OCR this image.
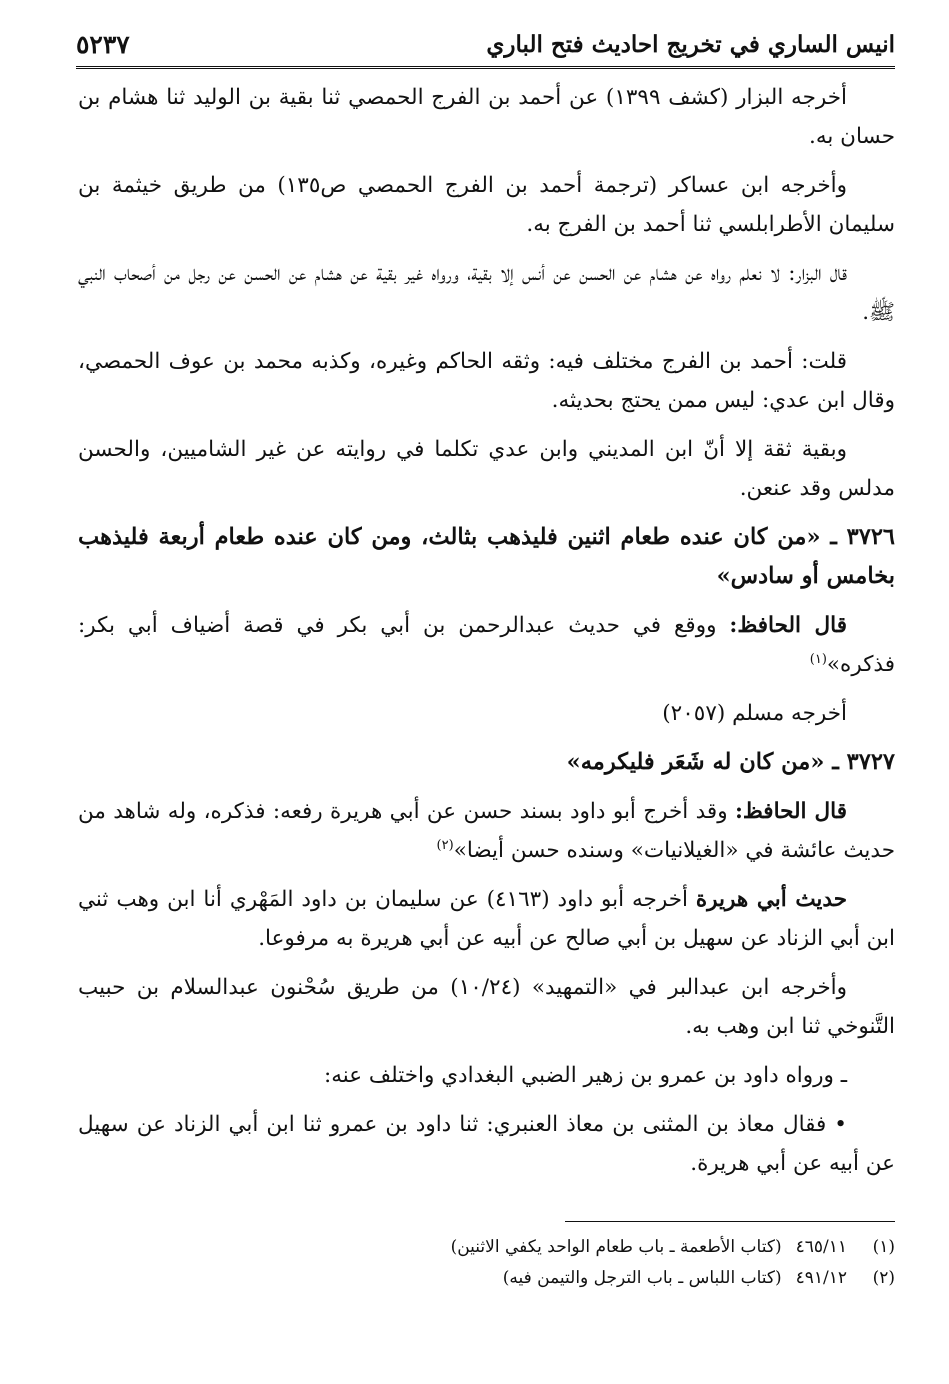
انيس الساري في تخريج احاديث فتح الباري
٥٢٣٧

أخرجه البزار (كشف ١٣٩٩) عن أحمد بن الفرج الحمصي ثنا بقية بن الوليد ثنا هشام بن حسان به.

وأخرجه ابن عساكر (ترجمة أحمد بن الفرج الحمصي ص١٣٥) من طريق خيثمة بن سليمان الأطرابلسي ثنا أحمد بن الفرج به.

قال البزار: لا نعلم رواه عن هشام عن الحسن عن أنس إلا بقية، ورواه غير بقية عن هشام عن الحسن عن رجل من أصحاب النبي ﷺ.

قلت: أحمد بن الفرج مختلف فيه: وثقه الحاكم وغيره، وكذبه محمد بن عوف الحمصي، وقال ابن عدي: ليس ممن يحتج بحديثه.

وبقية ثقة إلا أنّ ابن المديني وابن عدي تكلما في روايته عن غير الشاميين، والحسن مدلس وقد عنعن.

٣٧٢٦ ـ «من كان عنده طعام اثنين فليذهب بثالث، ومن كان عنده طعام أربعة فليذهب بخامس أو سادس»

قال الحافظ: ووقع في حديث عبدالرحمن بن أبي بكر في قصة أضياف أبي بكر: فذكره»$^{(١)}$

أخرجه مسلم (٢٠٥٧)

٣٧٢٧ ـ «من كان له شَعَر فليكرمه»

قال الحافظ: وقد أخرج أبو داود بسند حسن عن أبي هريرة رفعه: فذكره، وله شاهد من حديث عائشة في «الغيلانيات» وسنده حسن أيضا»$^{(٢)}$

حديث أبي هريرة أخرجه أبو داود (٤١٦٣) عن سليمان بن داود المَهْري أنا ابن وهب ثني ابن أبي الزناد عن سهيل بن أبي صالح عن أبيه عن أبي هريرة به مرفوعا.

وأخرجه ابن عبدالبر في «التمهيد» (١٠/٢٤) من طريق سُحْنون عبدالسلام بن حبيب التَّنوخي ثنا ابن وهب به.

ـ ورواه داود بن عمرو بن زهير الضبي البغدادي واختلف عنه:

• فقال معاذ بن المثنى بن معاذ العنبري: ثنا داود بن عمرو ثنا ابن أبي الزناد عن سهيل عن أبيه عن أبي هريرة.

(١)
٤٦٥/١١
(كتاب الأطعمة ـ باب طعام الواحد يكفي الاثنين)
(٢)
٤٩١/١٢
(كتاب اللباس ـ باب الترجل والتيمن فيه)
